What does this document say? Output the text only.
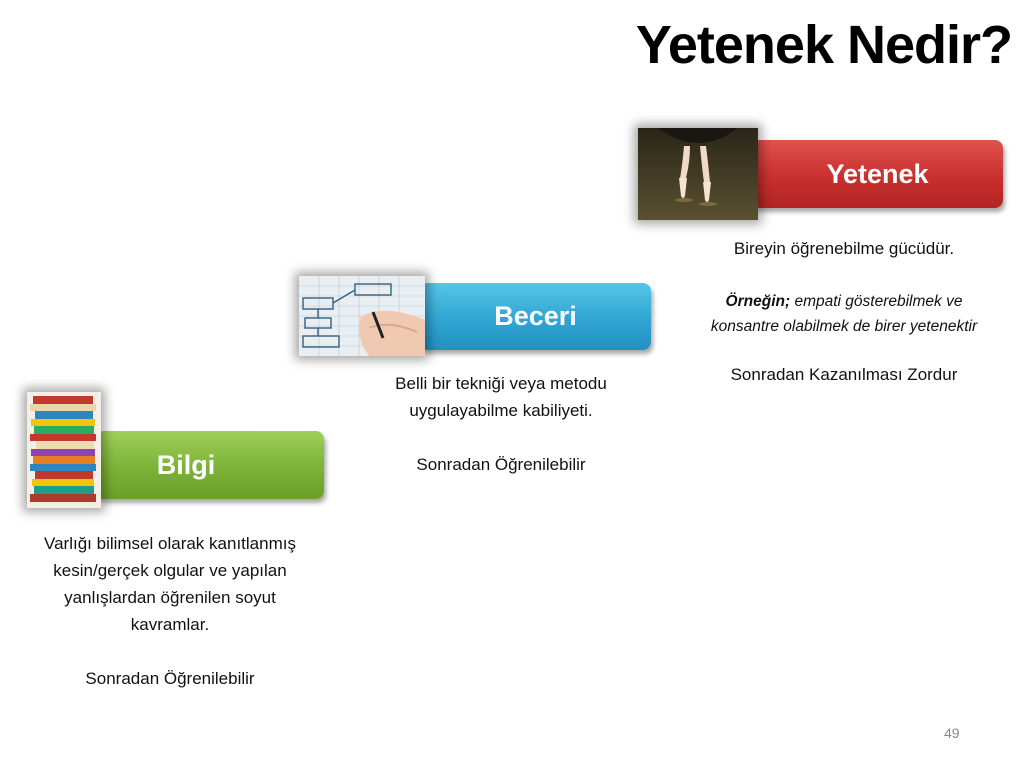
Yetenek Nedir?
Bilgi

Varlığı bilimsel olarak kanıtlanmış kesin/gerçek olgular ve yapılan yanlışlardan öğrenilen soyut kavramlar.

Sonradan Öğrenilebilir

Beceri

Belli bir tekniği veya metodu uygulayabilme kabiliyeti.

Sonradan Öğrenilebilir

Yetenek

Bireyin öğrenebilme gücüdür.

Örneğin; empati gösterebilmek ve konsantre olabilmek de birer yetenektir

Sonradan Kazanılması Zordur

49
